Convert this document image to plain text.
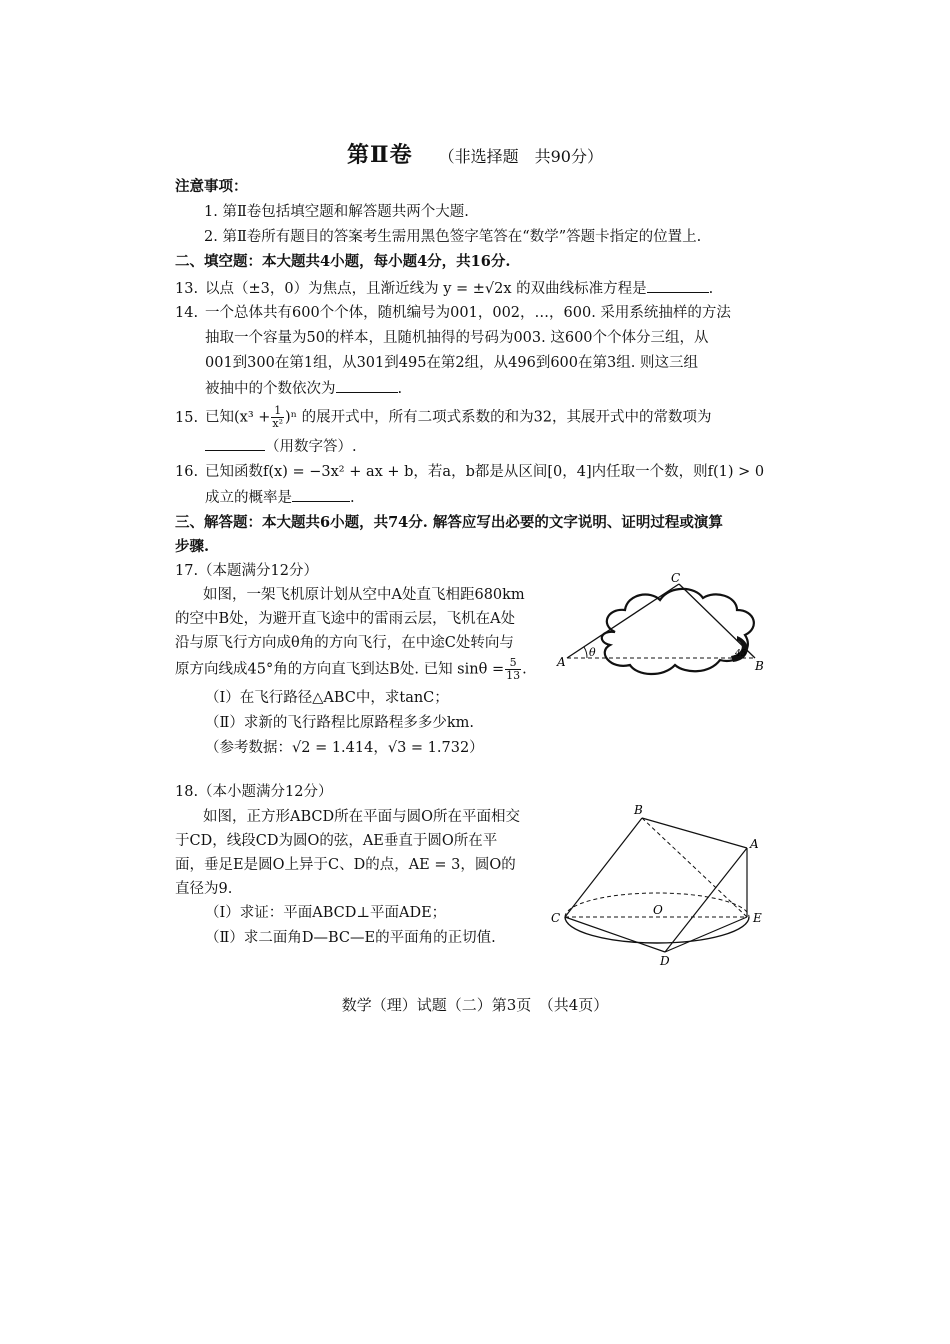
第Ⅱ卷 （非选择题　共90分）
注意事项：
1. 第Ⅱ卷包括填空题和解答题共两个大题.
2. 第Ⅱ卷所有题目的答案考生需用黑色签字笔答在“数学”答题卡指定的位置上.
二、填空题：本大题共4小题，每小题4分，共16分.
13. 以点（±3，0）为焦点，且渐近线为 y = ±√2x 的双曲线标准方程是	.
14. 一个总体共有600个个体，随机编号为001，002，…，600. 采用系统抽样的方法
抽取一个容量为50的样本，且随机抽得的号码为003. 这600个个体分三组，从
001到300在第1组，从301到495在第2组，从496到600在第3组. 则这三组
被抽中的个数依次为	.
15. 已知$(x^3 + \frac{1}{\text{x²}} )^n$ 的展开式中，所有二项式系数的和为32，其展开式中的常数项为
（用数字答）.
16. 已知函数f(x) = −3x² + ax + b，若a，b都是从区间[0，4]内任取一个数，则f(1) > 0
成立的概率是	.
三、解答题：本大题共6小题，共74分. 解答应写出必要的文字说明、证明过程或演算
步骤.
17.（本题满分12分）
如图，一架飞机原计划从空中A处直飞相距680km
的空中B处，为避开直飞途中的雷雨云层，飞机在A处
沿与原飞行方向成θ角的方向飞行，在中途C处转向与
原方向线成45°角的方向直飞到达B处. 已知 $\sin\theta = \frac{5}{13}$ .
（Ⅰ）在飞行路径△ABC中，求tanC；
（Ⅱ）求新的飞行路程比原路程多多少km.
（参考数据：√2 = 1.414，√3 = 1.732）
A	B
C
θ	45
18.（本小题满分12分）
如图，正方形ABCD所在平面与圆O所在平面相交
于CD，线段CD为圆O的弦，AE垂直于圆O所在平
面，垂足E是圆O上异于C、D的点，AE = 3，圆O的
直径为9.
（Ⅰ）求证：平面ABCD⊥平面ADE；
（Ⅱ）求二面角D—BC—E的平面角的正切值.
B
A
C	E
O
D
数学（理）试题（二）第3页　（共4页）
